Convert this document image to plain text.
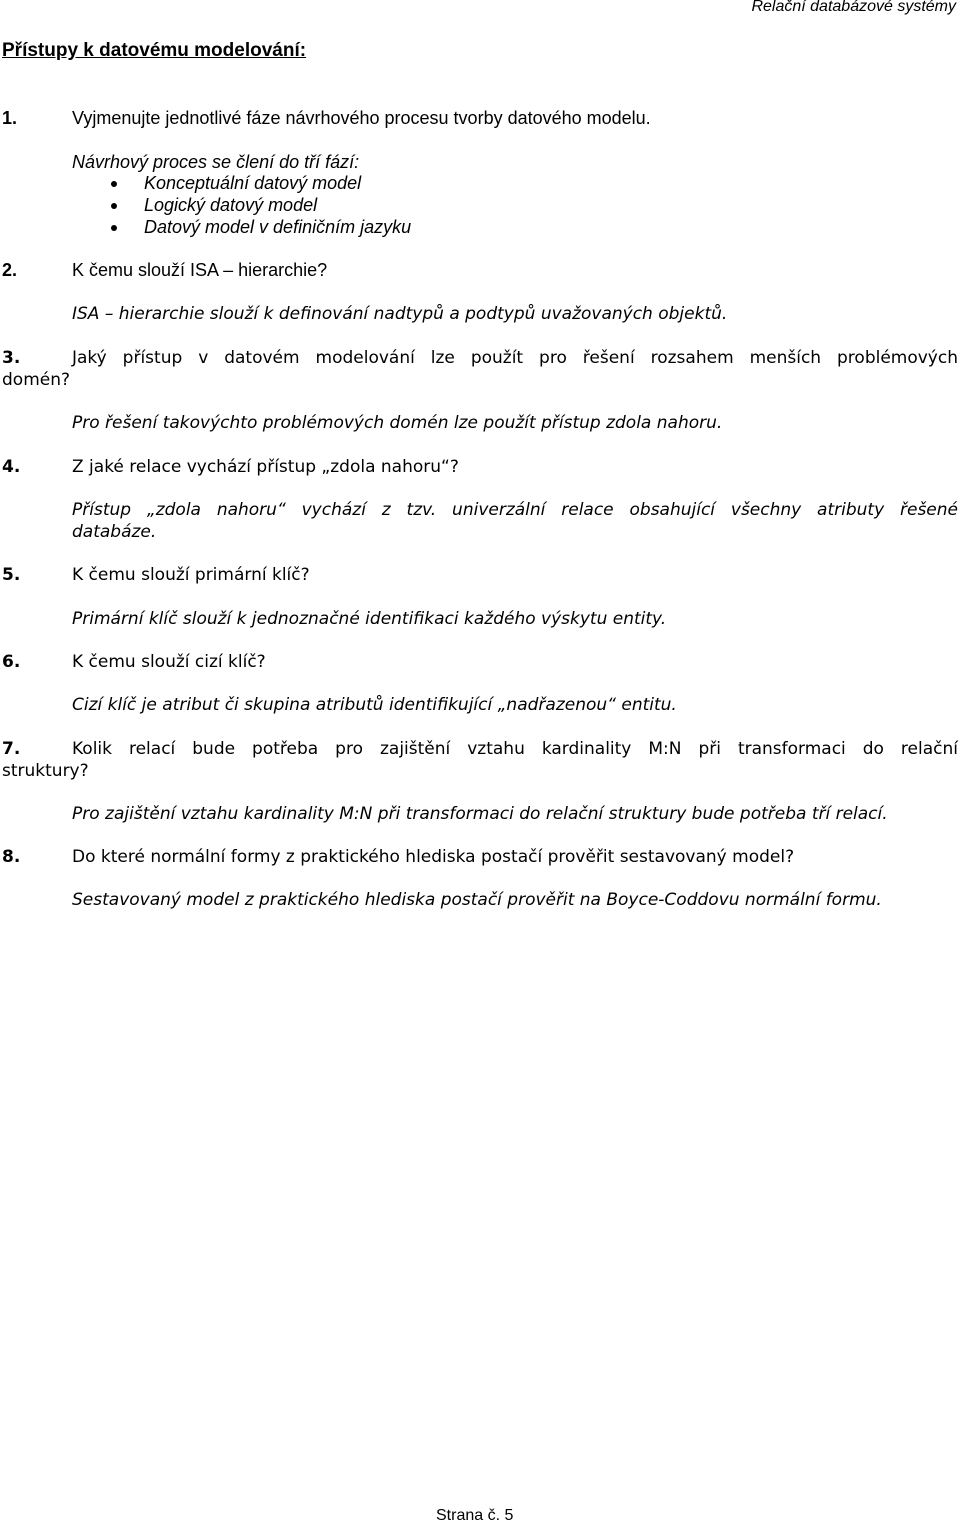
Relační databázové systémy
Přístupy k datovému modelování:
1.	Vyjmenujte jednotlivé fáze návrhového procesu tvorby datového modelu.
Návrhový proces se člení do tří fází:
Konceptuální datový model
Logický datový model
Datový model v definičním jazyku
2.	K čemu slouží ISA – hierarchie?
ISA – hierarchie slouží k definování nadtypů a podtypů uvažovaných objektů.
3.	Jaký přístup v datovém modelování lze použít pro řešení rozsahem menších problémových
domén?
Pro řešení takovýchto problémových domén lze použít přístup zdola nahoru.
4.	Z jaké relace vychází přístup „zdola nahoru“?
Přístup „zdola nahoru“ vychází z tzv. univerzální relace obsahující všechny atributy řešené
databáze.
5.	K čemu slouží primární klíč?
Primární klíč slouží k jednoznačné identifikaci každého výskytu entity.
6.	K čemu slouží cizí klíč?
Cizí klíč je atribut či skupina atributů identifikující „nadřazenou“ entitu.
7.	Kolik relací bude potřeba pro zajištění vztahu kardinality M:N při transformaci do relační
struktury?
Pro zajištění vztahu kardinality M:N při transformaci do relační struktury bude potřeba tří relací.
8.	Do které normální formy z praktického hlediska postačí prověřit sestavovaný model?
Sestavovaný model z praktického hlediska postačí prověřit na Boyce-Coddovu normální formu.
Strana č. 5
